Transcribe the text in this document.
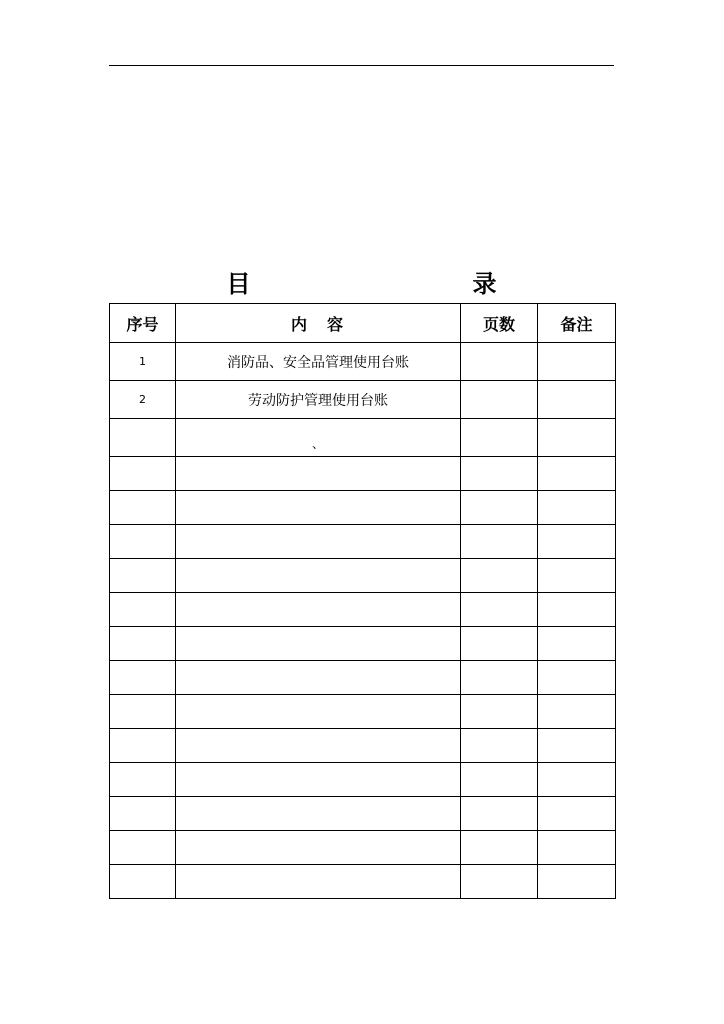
目　　录
序号	内　容	页数	备注
1	消防品、安全品管理使用台账		
2	劳动防护管理使用台账		
	、		
